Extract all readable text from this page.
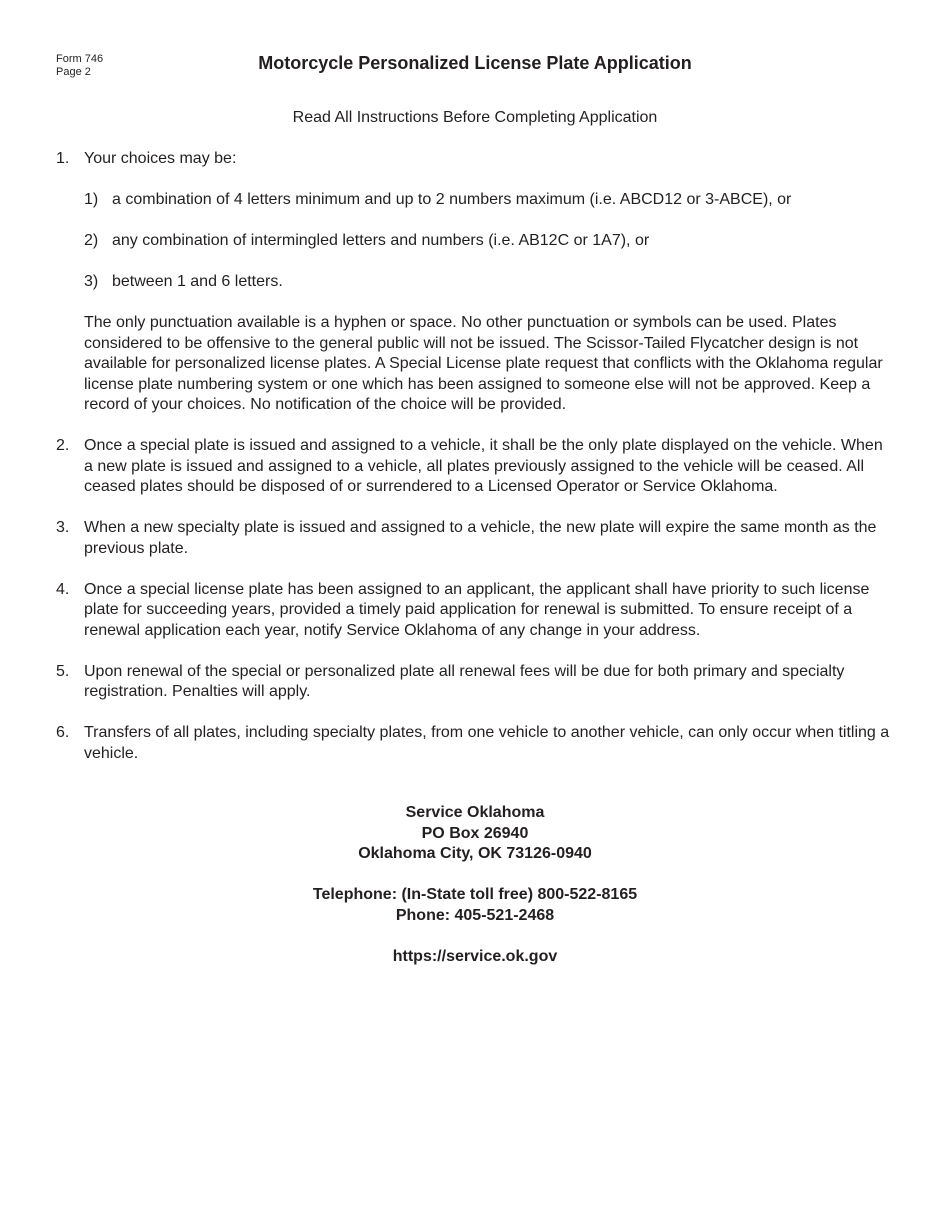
Form 746
Page 2	Motorcycle Personalized License Plate Application
Read All Instructions Before Completing Application
1. Your choices may be:
1) a combination of 4 letters minimum and up to 2 numbers maximum (i.e. ABCD12 or 3-ABCE), or
2) any combination of intermingled letters and numbers (i.e. AB12C or 1A7), or
3) between 1 and 6 letters.
The only punctuation available is a hyphen or space. No other punctuation or symbols can be used. Plates considered to be offensive to the general public will not be issued. The Scissor-Tailed Flycatcher design is not available for personalized license plates. A Special License plate request that conflicts with the Oklahoma regular license plate numbering system or one which has been assigned to someone else will not be approved. Keep a record of your choices. No notification of the choice will be provided.
2. Once a special plate is issued and assigned to a vehicle, it shall be the only plate displayed on the vehicle. When a new plate is issued and assigned to a vehicle, all plates previously assigned to the vehicle will be ceased. All ceased plates should be disposed of or surrendered to a Licensed Operator or Service Oklahoma.
3. When a new specialty plate is issued and assigned to a vehicle, the new plate will expire the same month as the previous plate.
4. Once a special license plate has been assigned to an applicant, the applicant shall have priority to such license plate for succeeding years, provided a timely paid application for renewal is submitted. To ensure receipt of a renewal application each year, notify Service Oklahoma of any change in your address.
5. Upon renewal of the special or personalized plate all renewal fees will be due for both primary and specialty registration. Penalties will apply.
6. Transfers of all plates, including specialty plates, from one vehicle to another vehicle, can only occur when titling a vehicle.
Service Oklahoma
PO Box 26940
Oklahoma City, OK 73126-0940
Telephone: (In-State toll free) 800-522-8165
Phone: 405-521-2468
https://service.ok.gov
